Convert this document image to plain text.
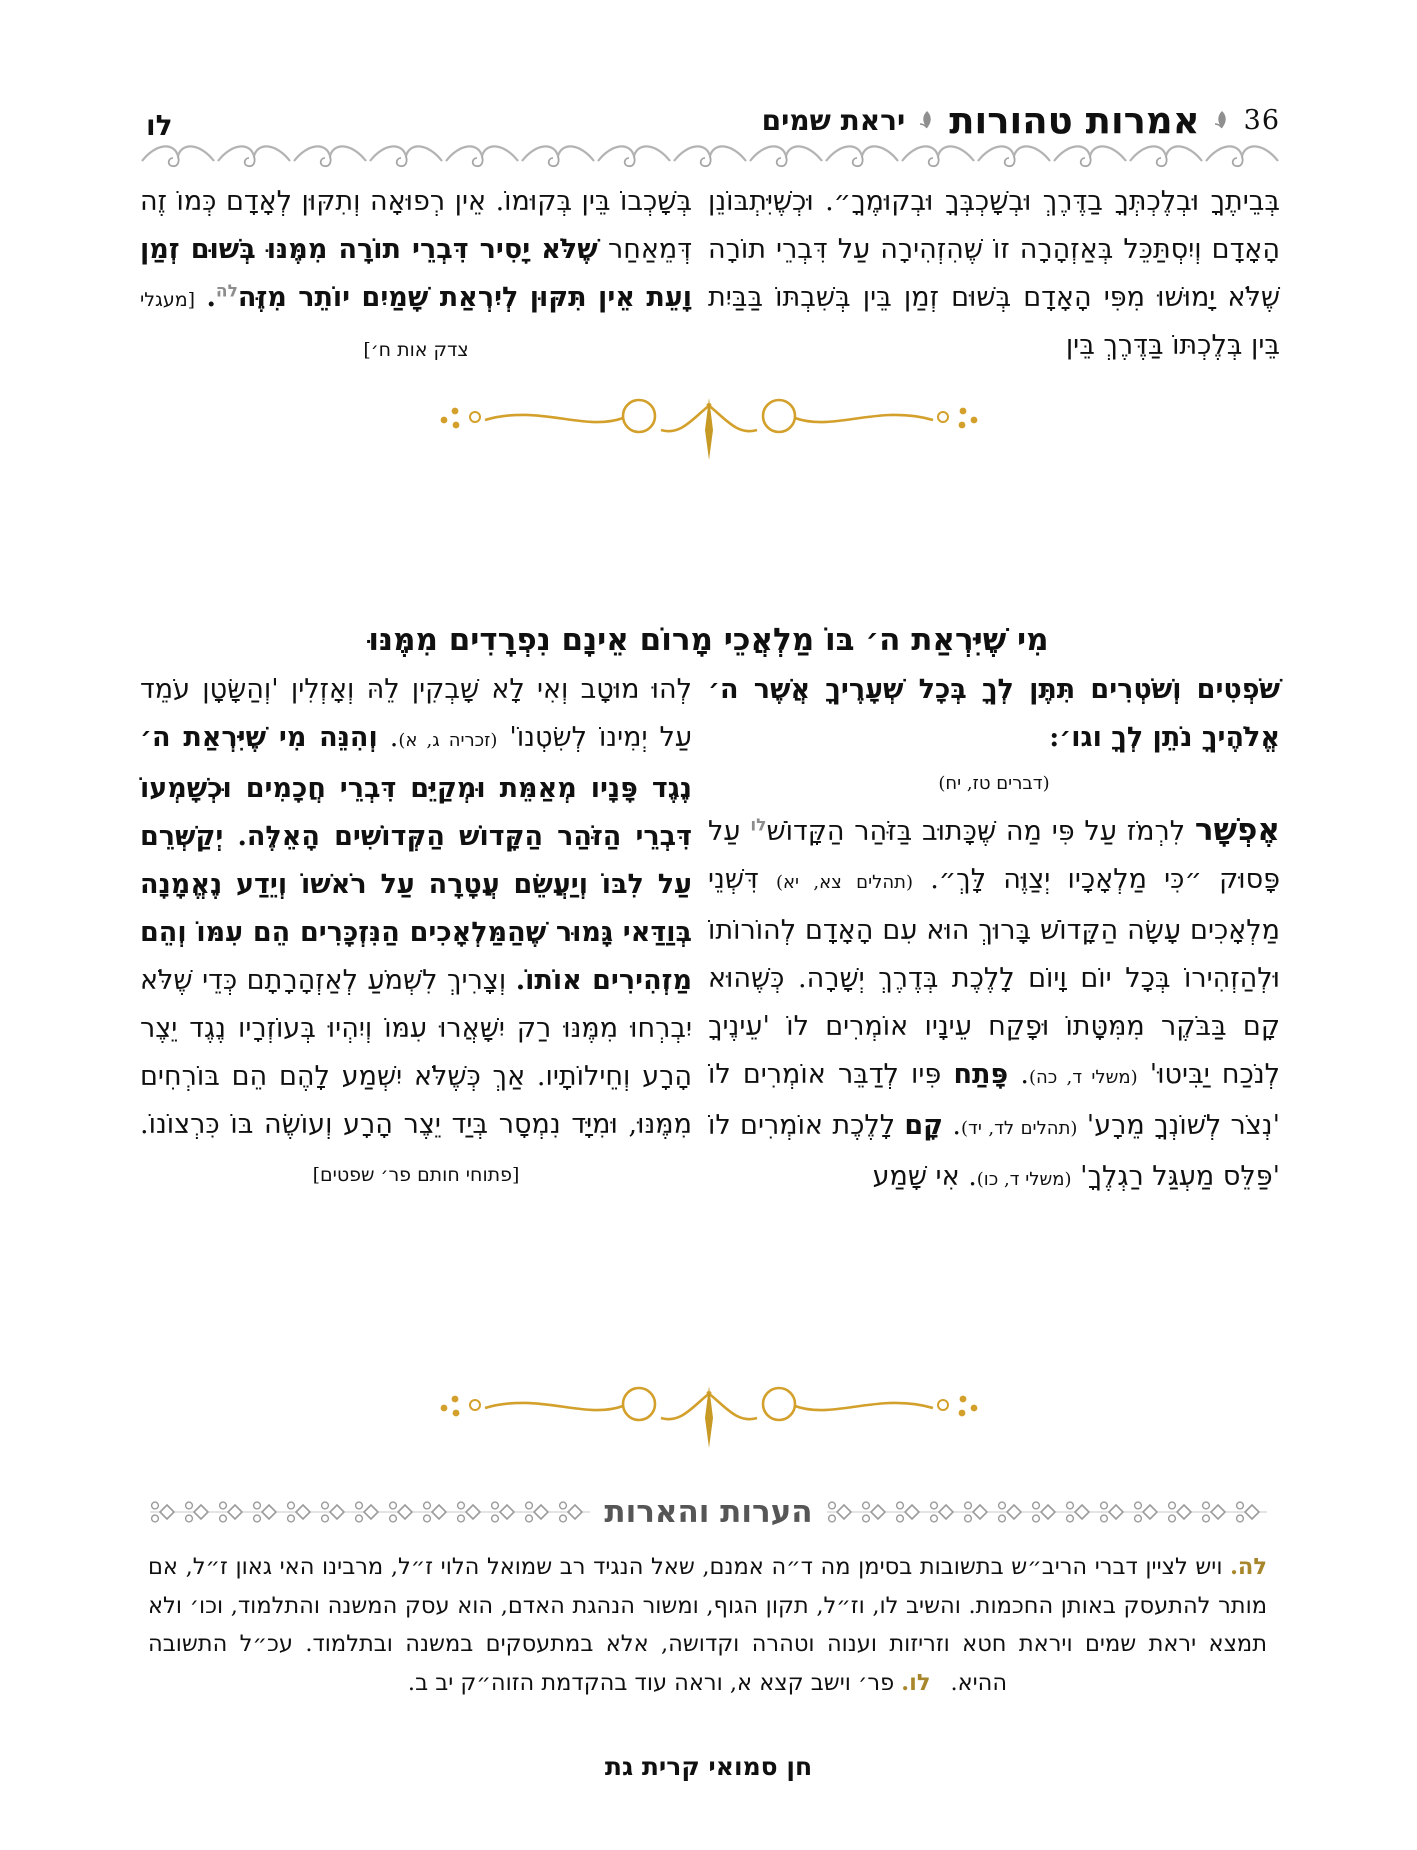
36
אמרות טהורות
יראת שמים
לו

בְּבֵיתֶךָ וּבְלֶכְתְּךָ בַדֶּרֶךְ וּבְשָׁכְבְּךָ וּבְקוּמֶךָ״. וּכְשֶׁיִּתְבּוֹנֵן הָאָדָם וְיִסְתַּכֵּל בְּאַזְהָרָה זוֹ שֶׁהִזְהִירָה עַל דִּבְרֵי תוֹרָה שֶׁלֹּא יָמוּשׁוּ מִפִּי הָאָדָם בְּשׁוּם זְמַן בֵּין בְּשִׁבְתּוֹ בַּבַּיִת בֵּין בְּלֶכְתּוֹ בַּדֶּרֶךְ בֵּין

בְּשָׁכְבוֹ בֵּין בְּקוּמוֹ. אֵין רְפוּאָה וְתִקּוּן לְאָדָם כְּמוֹ זֶה דְּמֵאַחַר שֶׁלֹּא יָסִיר דִּבְרֵי תוֹרָה מִמֶּנּוּ בְּשׁוּם זְמַן וָעֵת אֵין תִּקּוּן לְיִרְאַת שָׁמַיִם יוֹתֵר מִזֶּה$^{לה}$. [מעגלי צדק אות ח׳]

מִי שֶׁיִּרְאַת ה׳ בּוֹ מַלְאֲכֵי מָרוֹם אֵינָם נִפְרָדִים מִמֶּנּוּ

שֹׁפְטִים וְשֹׁטְרִים תִּתֶּן לְךָ בְּכָל שְׁעָרֶיךָ אֲשֶׁר ה׳ אֱלֹהֶיךָ נֹתֵן לְךָ וגו׳:

(דברים טז, יח)

אֶפְשָׁר לִרְמֹז עַל פִּי מַה שֶּׁכָּתוּב בַּזֹּהַר הַקָּדוֹשׁ$^{לו}$ עַל פָּסוּק ״כִּי מַלְאָכָיו יְצַוֶּה לָּךְ״. (תהלים צא, יא) דִּשְׁנֵי מַלְאָכִים עָשָׂה הַקָּדוֹשׁ בָּרוּךְ הוּא עִם הָאָדָם לְהוֹרוֹתוֹ וּלְהַזְהִירוֹ בְּכָל יוֹם וָיוֹם לָלֶכֶת בְּדֶרֶךְ יְשָׁרָה. כְּשֶׁהוּא קָם בַּבֹּקֶר מִמִּטָּתוֹ וּפָקַח עֵינָיו אוֹמְרִים לוֹ 'עֵינֶיךָ לְנֹכַח יַבִּיטוּ' (משלי ד, כה). פָּתַח פִּיו לְדַבֵּר אוֹמְרִים לוֹ 'נְצֹר לְשׁוֹנְךָ מֵרָע' (תהלים לד, יד). קָם לָלֶכֶת אוֹמְרִים לוֹ 'פַּלֵּס מַעְגַּל רַגְלֶךָ' (משלי ד, כו). אִי שָׁמַע

לְהוּ מוּטָב וְאִי לָא שָׁבְקִין לֵהּ וְאָזְלִין 'וְהַשָּׂטָן עֹמֵד עַל יְמִינוֹ לְשִׂטְנוֹ' (זכריה ג, א). וְהִנֵּה מִי שֶׁיִּרְאַת ה׳ נֶגֶד פָּנָיו מְאַמֵּת וּמְקַיֵּם דִּבְרֵי חֲכָמִים וּכְשָׁמְעוֹ דִּבְרֵי הַזֹּהַר הַקָּדוֹשׁ הַקְּדוֹשִׁים הָאֵלֶּה. יְקַשְּׁרֵם עַל לִבּוֹ וְיַעֲשֵׂם עֲטָרָה עַל רֹאשׁוֹ וְיֵדַע נֶאֱמָנָה בְּוַדַּאי גָּמוּר שֶׁהַמַּלְאָכִים הַנִּזְכָּרִים הֵם עִמּוֹ וְהֵם מַזְהִירִים אוֹתוֹ. וְצָרִיךְ לִשְׁמֹעַ לְאַזְהָרָתָם כְּדֵי שֶׁלֹּא יִבְרְחוּ מִמֶּנּוּ רַק יִשָּׁאֲרוּ עִמּוֹ וְיִהְיוּ בְּעוֹזְרָיו נֶגֶד יֵצֶר הָרָע וְחֵילוֹתָיו. אַךְ כְּשֶׁלֹּא יִשְׁמַע לָהֶם הֵם בּוֹרְחִים מִמֶּנּוּ, וּמִיָּד נִמְסָר בְּיַד יֵצֶר הָרָע וְעוֹשֶׂה בּוֹ כִּרְצוֹנוֹ. [פתוחי חותם פר׳ שפטים]

הערות והארות

לה. ויש לציין דברי הריב״ש בתשובות בסימן מה ד״ה אמנם, שאל הנגיד רב שמואל הלוי ז״ל, מרבינו האי גאון ז״ל, אם מותר להתעסק באותן החכמות. והשיב לו, וז״ל, תקון הגוף, ומשור הנהגת האדם, הוא עסק המשנה והתלמוד, וכו׳ ולא תמצא יראת שמים ויראת חטא וזריזות וענוה וטהרה וקדושה, אלא במתעסקים במשנה ובתלמוד. עכ״ל התשובה ההיא.לו. פר׳ וישב קצא א, וראה עוד בהקדמת הזוה״ק יב ב.

חן סמואי קרית גת
